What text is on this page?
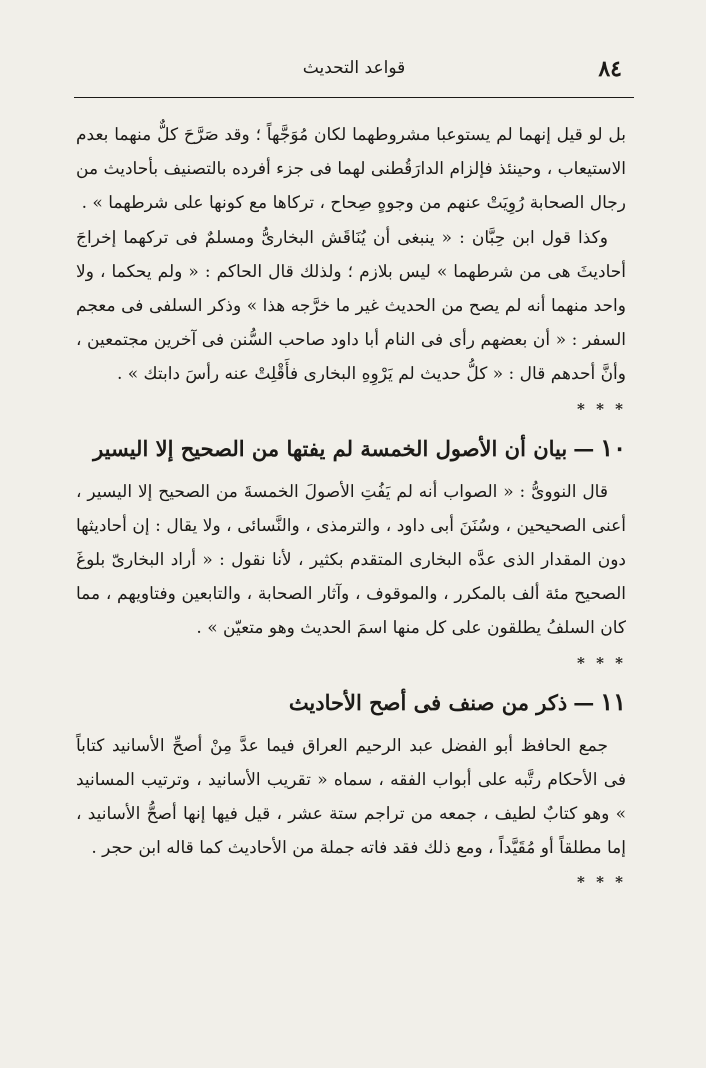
٨٤
قواعد التحديث

بل لو قيل إنهما لم يستوعبا مشروطهما لكان مُوَجَّهاً ؛ وقد صَرَّحَ كلٌّ منهما بعدم الاستيعاب ، وحينئذ فإلزام الدارَقُطنى لهما فى جزء أفرده بالتصنيف بأحاديث من رجال الصحابة رُوِيَتْ عنهم من وجوهٍ صِحاح ، تركاها مع كونها على شرطهما » .

وكذا قول ابن حِبَّان : « ينبغى أن يُنَاقَش البخارىُّ ومسلمٌ فى تركهما إخراجَ أحاديثَ هى من شرطهما » ليس بلازم ؛ ولذلك قال الحاكم : « ولم يحكما ، ولا واحد منهما أنه لم يصح من الحديث غير ما خرَّجه هذا » وذكر السلفى فى معجم السفر : « أن بعضهم رأى فى النام أبا داود صاحب السُّنن فى آخرين مجتمعين ، وأنَّ أحدهم قال : « كلُّ حديث لم يَرْوِهِ البخارى فأَقْلِتْ عنه رأسَ دابتك » .

* * *
١٠—بيان أن الأصول الخمسة لم يفتها من الصحيح إلا اليسير

قال النووىُّ : « الصواب أنه لم يَفُتِ الأصولَ الخمسةَ من الصحيح إلا اليسير ، أعنى الصحيحين ، وسُنَنَ أبى داود ، والترمذى ، والنَّسائى ، ولا يقال : إن أحاديثها دون المقدار الذى عدَّه البخارى المتقدم بكثير ، لأنا نقول : « أراد البخارىّ بلوغَ الصحيح مئة ألف بالمكرر ، والموقوف ، وآثار الصحابة ، والتابعين وفتاويهم ، مما كان السلفُ يطلقون على كل منها اسمَ الحديث وهو متعيّن » .

* * *
١١—ذكر من صنف فى أصح الأحاديث

جمع الحافظ أبو الفضل عبد الرحيم العراق فيما عدَّ مِنْ أصحِّ الأسانيد كتاباً فى الأحكام رتَّبه على أبواب الفقه ، سماه « تقريب الأسانيد ، وترتيب المسانيد » وهو كتابٌ لطيف ، جمعه من تراجم ستة عشر ، قيل فيها إنها أصحُّ الأسانيد ، إما مطلقاً أو مُقَيَّداً ، ومع ذلك فقد فاته جملة من الأحاديث كما قاله ابن حجر .

* * *
